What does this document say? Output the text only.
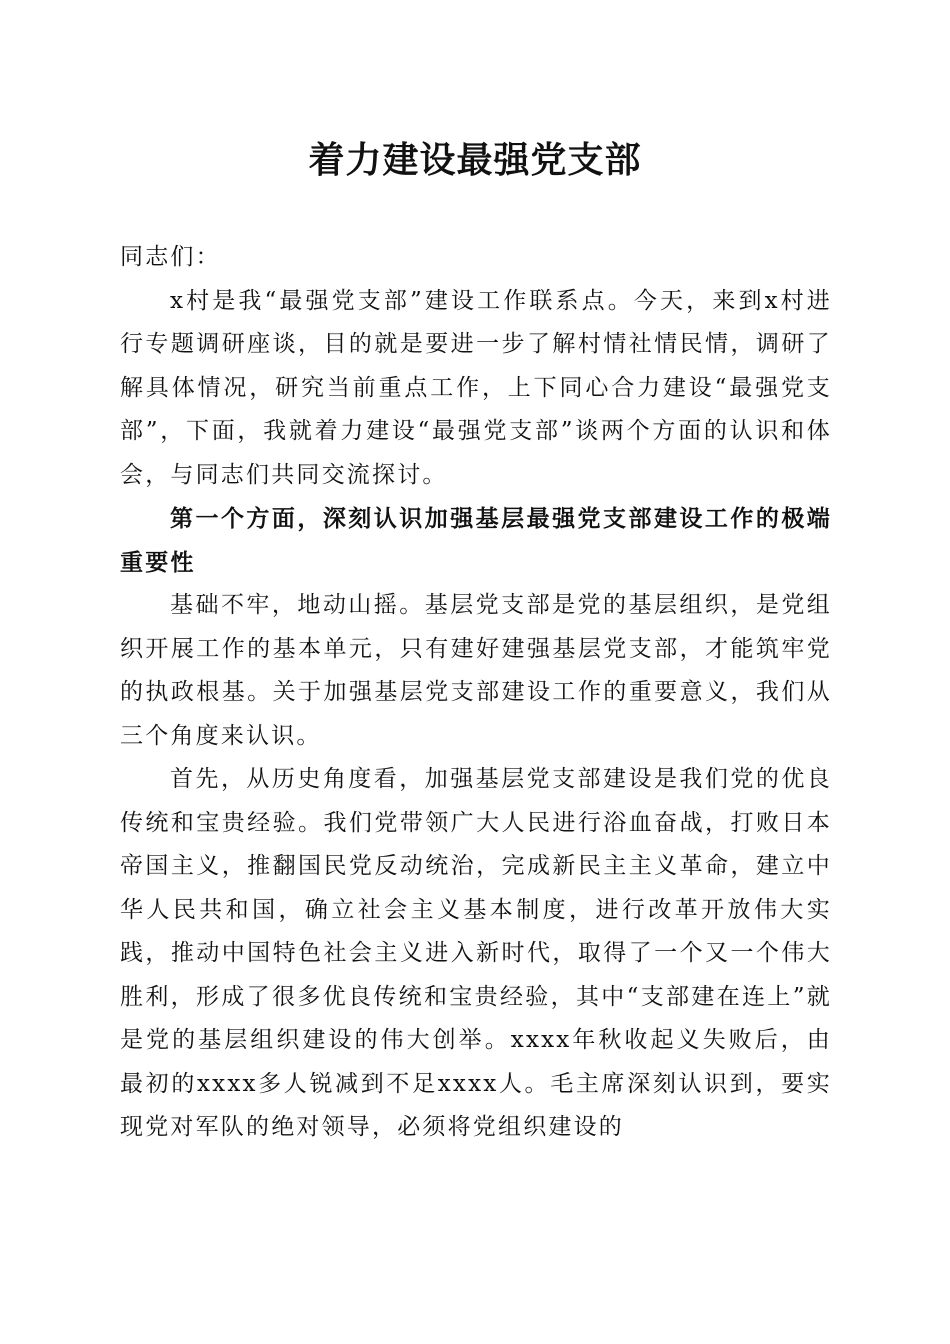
着力建设最强党支部

同志们：

x村是我“最强党支部”建设工作联系点。今天，来到x村进行专题调研座谈，目的就是要进一步了解村情社情民情，调研了解具体情况，研究当前重点工作，上下同心合力建设“最强党支部”，下面，我就着力建设“最强党支部”谈两个方面的认识和体会，与同志们共同交流探讨。

第一个方面，深刻认识加强基层最强党支部建设工作的极端重要性

基础不牢，地动山摇。基层党支部是党的基层组织，是党组织开展工作的基本单元，只有建好建强基层党支部，才能筑牢党的执政根基。关于加强基层党支部建设工作的重要意义，我们从三个角度来认识。

首先，从历史角度看，加强基层党支部建设是我们党的优良传统和宝贵经验。我们党带领广大人民进行浴血奋战，打败日本帝国主义，推翻国民党反动统治，完成新民主主义革命，建立中华人民共和国，确立社会主义基本制度，进行改革开放伟大实践，推动中国特色社会主义进入新时代，取得了一个又一个伟大胜利，形成了很多优良传统和宝贵经验，其中“支部建在连上”就是党的基层组织建设的伟大创举。xxxx年秋收起义失败后，由最初的xxxx多人锐减到不足xxxx人。毛主席深刻认识到，要实现党对军队的绝对领导，必须将党组织建设的
